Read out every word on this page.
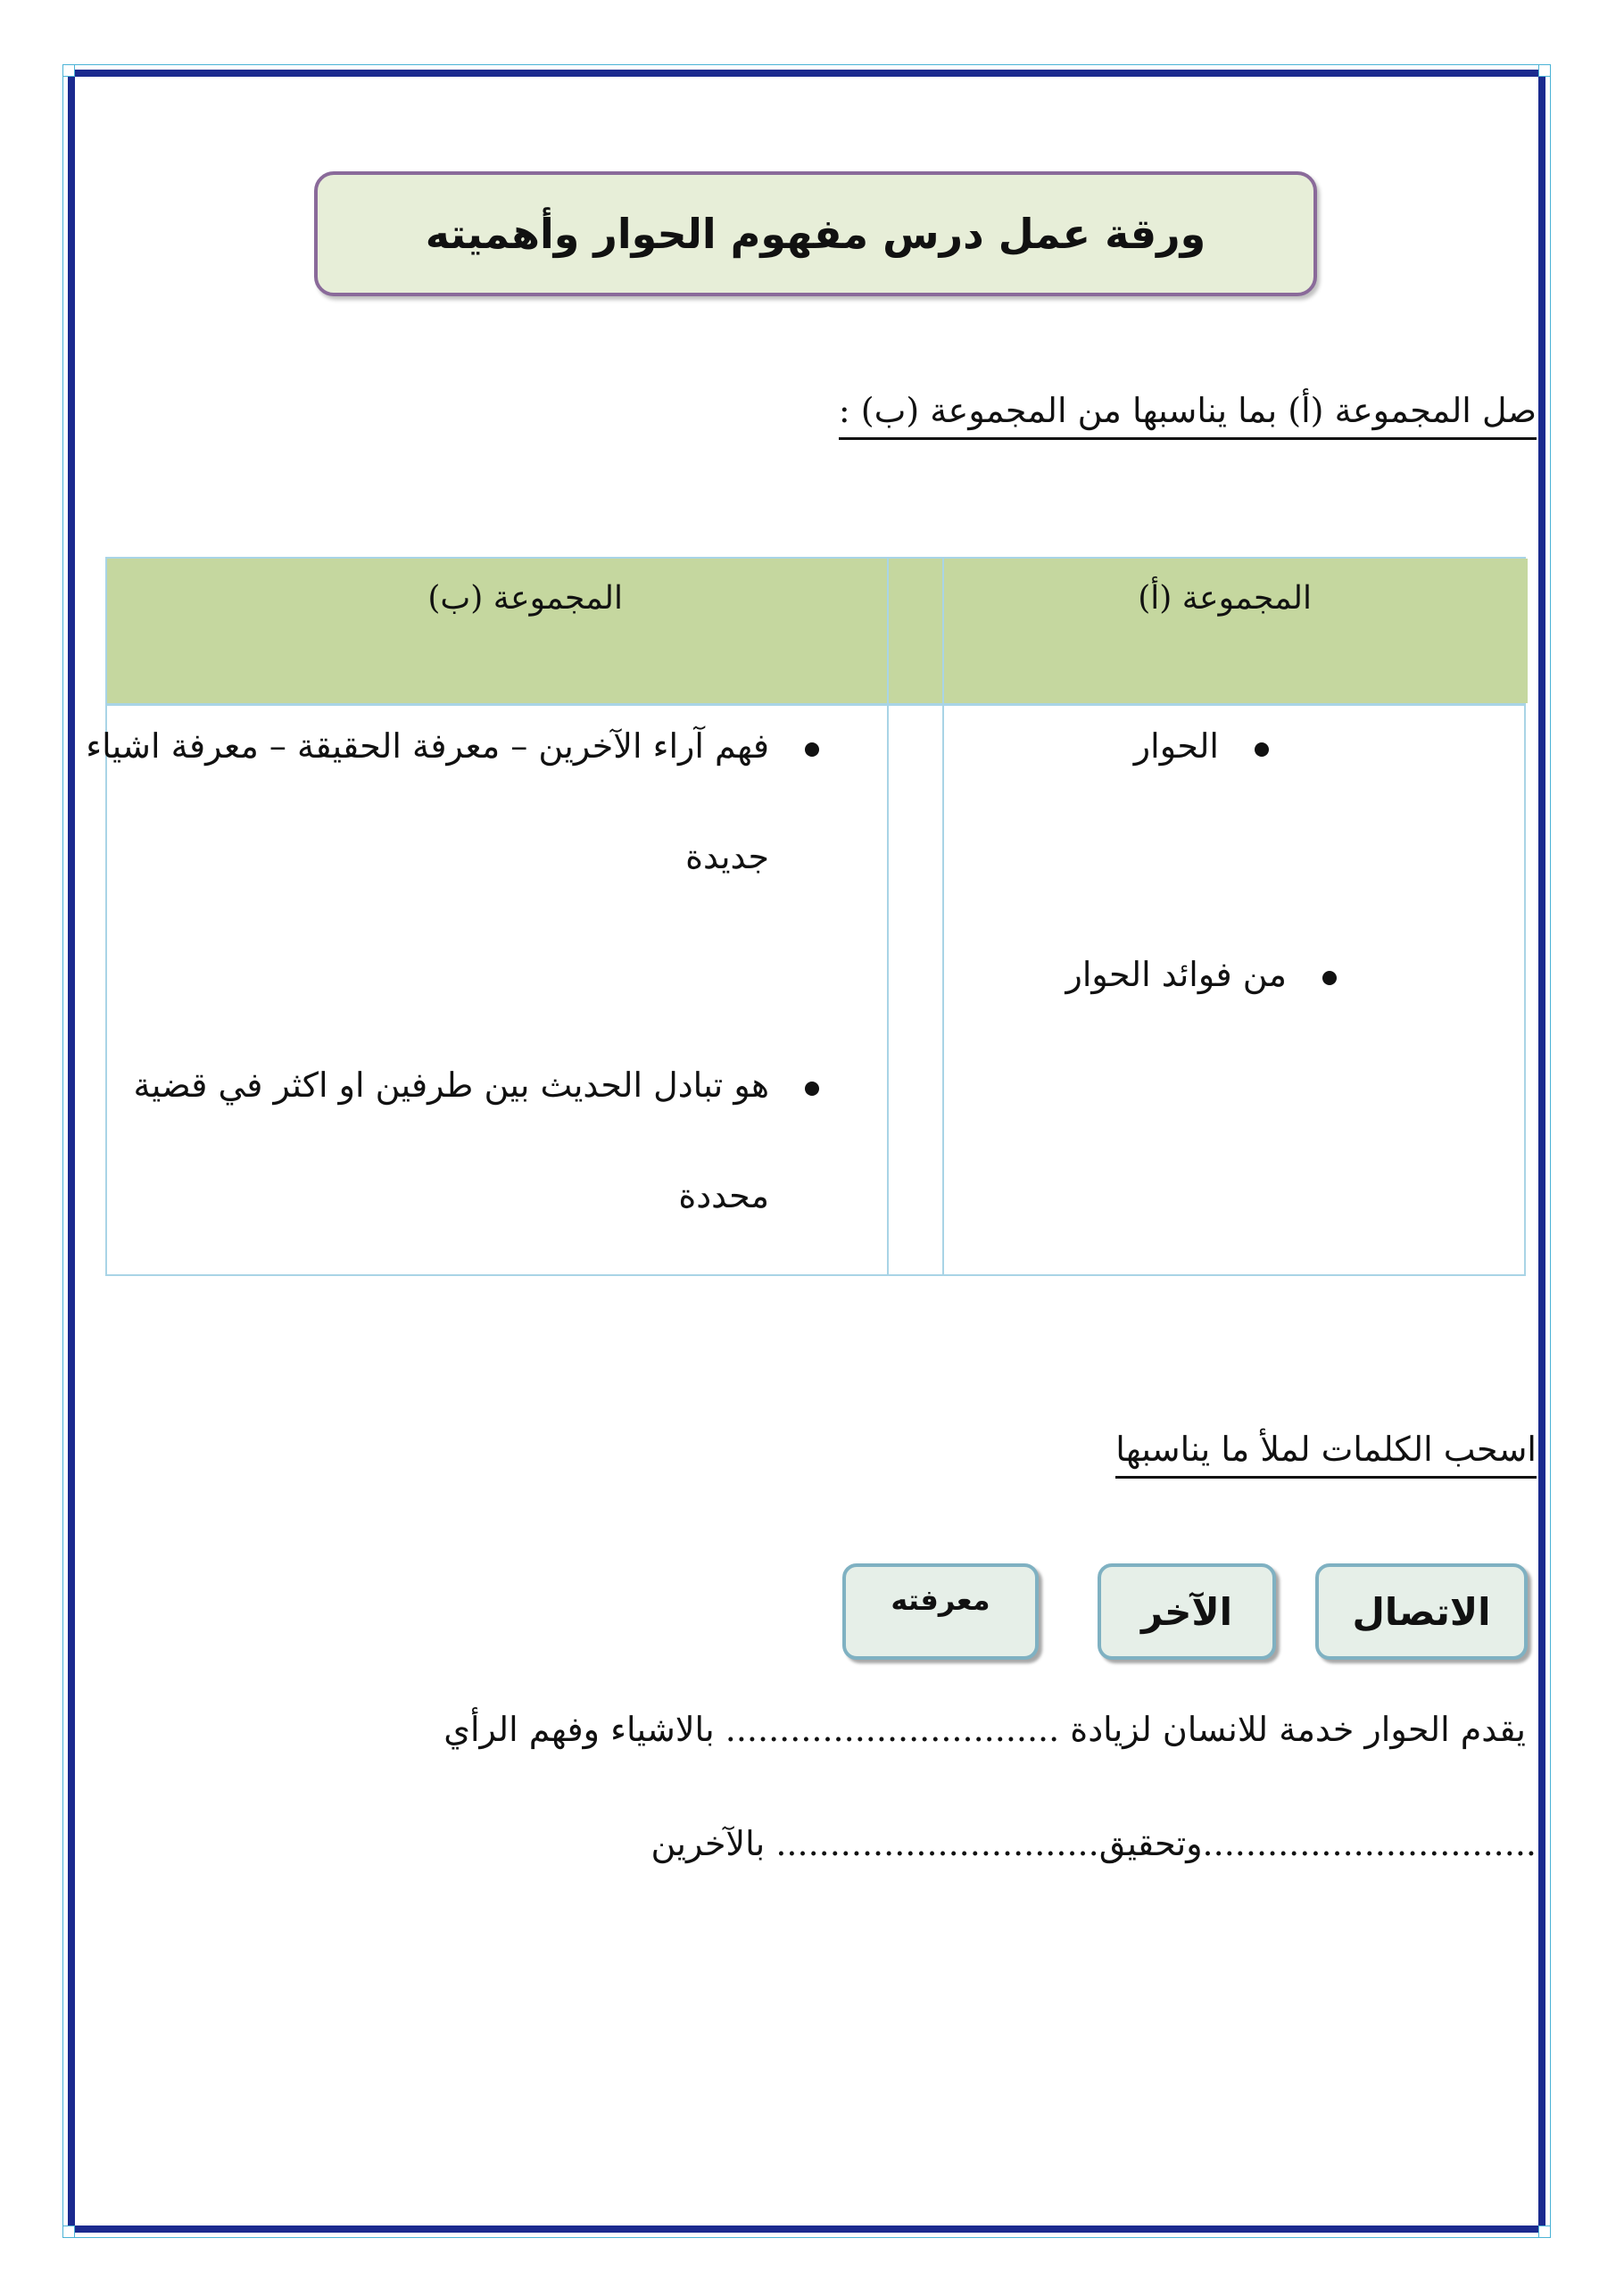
ورقة عمل درس مفهوم الحوار وأهميته
صل المجموعة (أ) بما يناسبها من المجموعة (ب) :
المجموعة (أ)
المجموعة (ب)
الحوار
من فوائد الحوار
فهم آراء الآخرين – معرفة الحقيقة – معرفة اشياء
جديدة
هو تبادل الحديث بين طرفين او اكثر في قضية
محددة
اسحب الكلمات لملأ ما يناسبها
الاتصال
الآخر
معرفته
يقدم الحوار خدمة للانسان لزيادة ............................... بالاشياء وفهم الرأي
...............................وتحقيق.............................. بالآخرين
